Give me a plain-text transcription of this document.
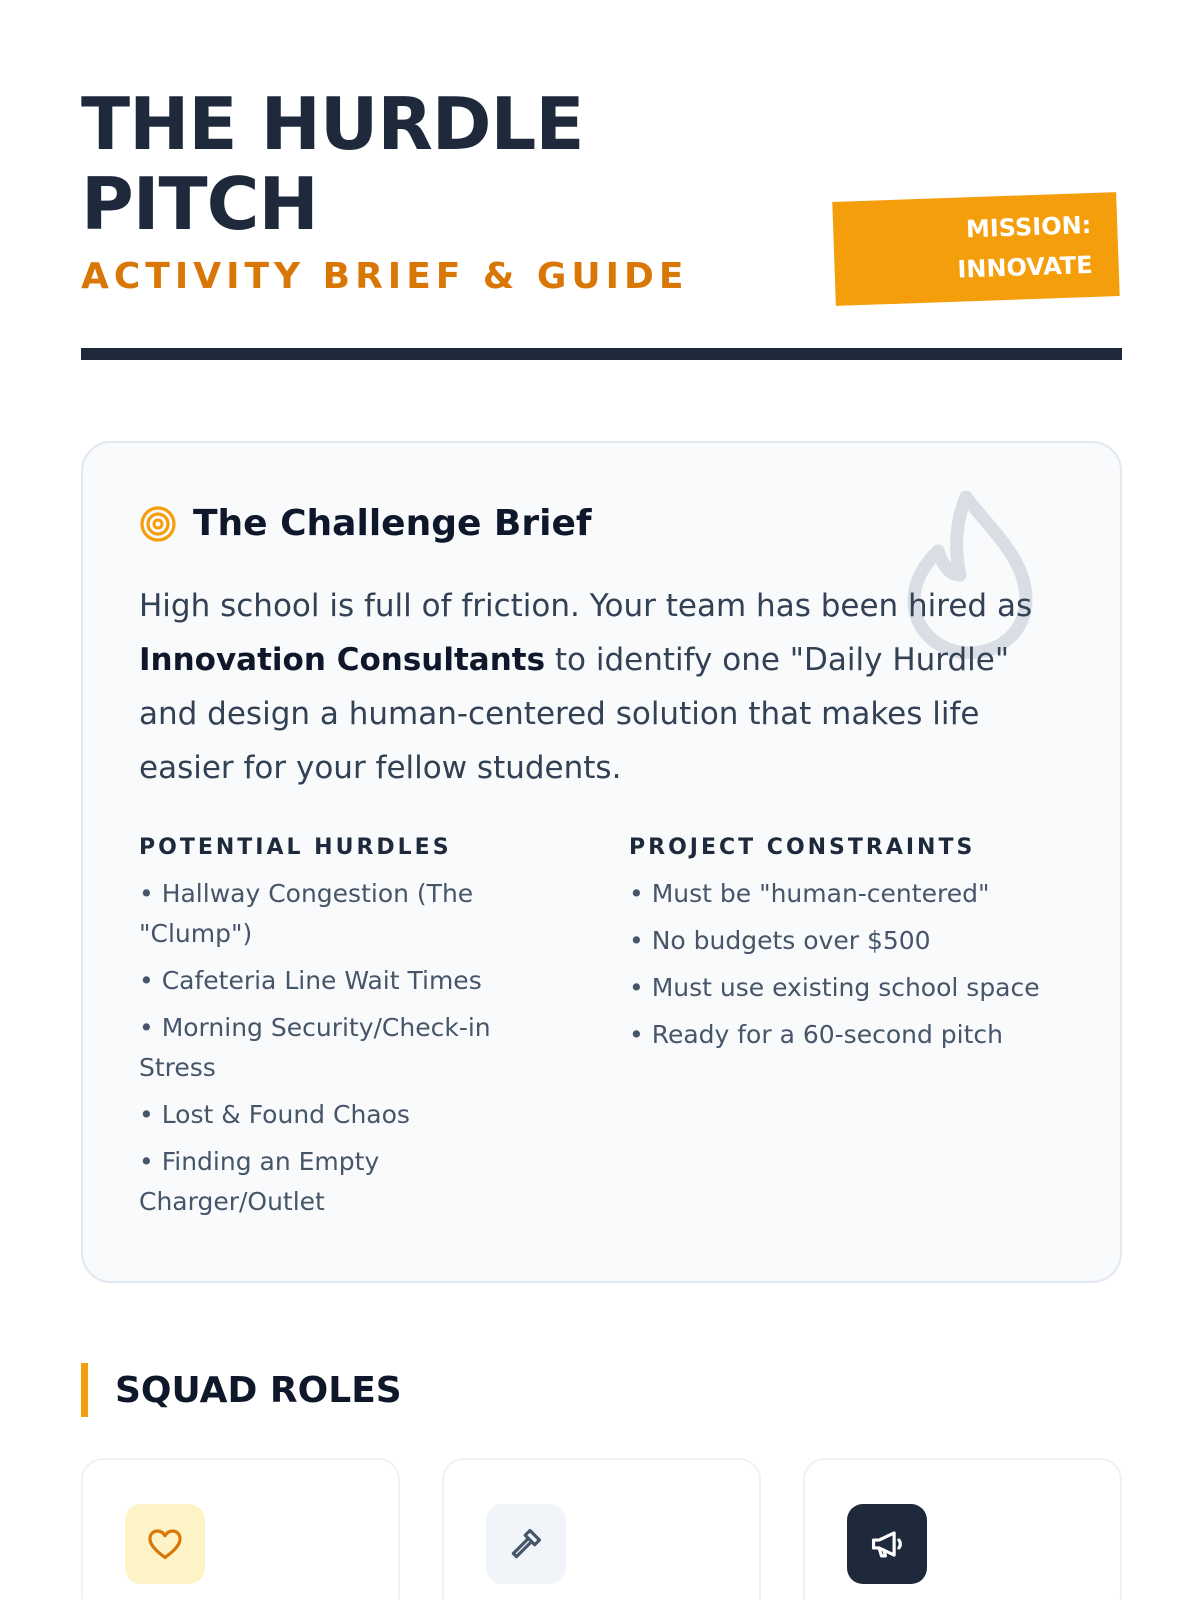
THE HURDLE
PITCH
ACTIVITY BRIEF & GUIDE
MISSION:
INNOVATE
The Challenge Brief

High school is full of friction. Your team has been hired as Innovation Consultants to identify one "Daily Hurdle" and design a human-centered solution that makes life easier for your fellow students.

POTENTIAL HURDLES
• Hallway Congestion (The "Clump")
• Cafeteria Line Wait Times
• Morning Security/Check-in Stress
• Lost & Found Chaos
• Finding an Empty Charger/Outlet
PROJECT CONSTRAINTS
• Must be "human-centered"
• No budgets over $500
• Must use existing school space
• Ready for a 60-second pitch
SQUAD ROLES
